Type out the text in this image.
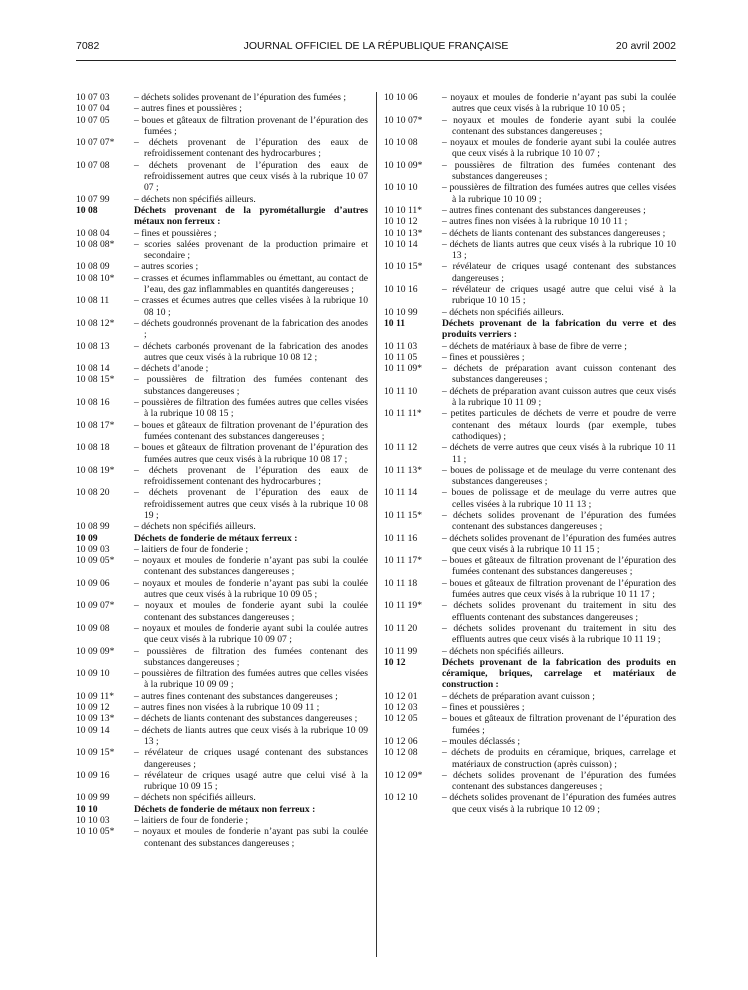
7082	JOURNAL OFFICIEL DE LA RÉPUBLIQUE FRANÇAISE	20 avril 2002
10 07 03	– déchets solides provenant de l’épuration des fumées ;
10 07 04	– autres fines et poussières ;
10 07 05	– boues et gâteaux de filtration provenant de l’épuration des fumées ;
10 07 07*	– déchets provenant de l’épuration des eaux de refroidissement contenant des hydrocarbures ;
10 07 08	– déchets provenant de l’épuration des eaux de refroidissement autres que ceux visés à la rubrique 10 07 07 ;
10 07 99	– déchets non spécifiés ailleurs.
10 08	Déchets provenant de la pyrométallurgie d’autres métaux non ferreux :
10 08 04	– fines et poussières ;
10 08 08*	– scories salées provenant de la production primaire et secondaire ;
10 08 09	– autres scories ;
10 08 10*	– crasses et écumes inflammables ou émettant, au contact de l’eau, des gaz inflammables en quantités dangereuses ;
10 08 11	– crasses et écumes autres que celles visées à la rubrique 10 08 10 ;
10 08 12*	– déchets goudronnés provenant de la fabrication des anodes ;
10 08 13	– déchets carbonés provenant de la fabrication des anodes autres que ceux visés à la rubrique 10 08 12 ;
10 08 14	– déchets d’anode ;
10 08 15*	– poussières de filtration des fumées contenant des substances dangereuses ;
10 08 16	– poussières de filtration des fumées autres que celles visées à la rubrique 10 08 15 ;
10 08 17*	– boues et gâteaux de filtration provenant de l’épuration des fumées contenant des substances dangereuses ;
10 08 18	– boues et gâteaux de filtration provenant de l’épuration des fumées autres que ceux visés à la rubrique 10 08 17 ;
10 08 19*	– déchets provenant de l’épuration des eaux de refroidissement contenant des hydrocarbures ;
10 08 20	– déchets provenant de l’épuration des eaux de refroidissement autres que ceux visés à la rubrique 10 08 19 ;
10 08 99	– déchets non spécifiés ailleurs.
10 09	Déchets de fonderie de métaux ferreux :
10 09 03	– laitiers de four de fonderie ;
10 09 05*	– noyaux et moules de fonderie n’ayant pas subi la coulée contenant des substances dangereuses ;
10 09 06	– noyaux et moules de fonderie n’ayant pas subi la coulée autres que ceux visés à la rubrique 10 09 05 ;
10 09 07*	– noyaux et moules de fonderie ayant subi la coulée contenant des substances dangereuses ;
10 09 08	– noyaux et moules de fonderie ayant subi la coulée autres que ceux visés à la rubrique 10 09 07 ;
10 09 09*	– poussières de filtration des fumées contenant des substances dangereuses ;
10 09 10	– poussières de filtration des fumées autres que celles visées à la rubrique 10 09 09 ;
10 09 11*	– autres fines contenant des substances dangereuses ;
10 09 12	– autres fines non visées à la rubrique 10 09 11 ;
10 09 13*	– déchets de liants contenant des substances dangereuses ;
10 09 14	– déchets de liants autres que ceux visés à la rubrique 10 09 13 ;
10 09 15*	– révélateur de criques usagé contenant des substances dangereuses ;
10 09 16	– révélateur de criques usagé autre que celui visé à la rubrique 10 09 15 ;
10 09 99	– déchets non spécifiés ailleurs.
10 10	Déchets de fonderie de métaux non ferreux :
10 10 03	– laitiers de four de fonderie ;
10 10 05*	– noyaux et moules de fonderie n’ayant pas subi la coulée contenant des substances dangereuses ;
10 10 06	– noyaux et moules de fonderie n’ayant pas subi la coulée autres que ceux visés à la rubrique 10 10 05 ;
10 10 07*	– noyaux et moules de fonderie ayant subi la coulée contenant des substances dangereuses ;
10 10 08	– noyaux et moules de fonderie ayant subi la coulée autres que ceux visés à la rubrique 10 10 07 ;
10 10 09*	– poussières de filtration des fumées contenant des substances dangereuses ;
10 10 10	– poussières de filtration des fumées autres que celles visées à la rubrique 10 10 09 ;
10 10 11*	– autres fines contenant des substances dangereuses ;
10 10 12	– autres fines non visées à la rubrique 10 10 11 ;
10 10 13*	– déchets de liants contenant des substances dangereuses ;
10 10 14	– déchets de liants autres que ceux visés à la rubrique 10 10 13 ;
10 10 15*	– révélateur de criques usagé contenant des substances dangereuses ;
10 10 16	– révélateur de criques usagé autre que celui visé à la rubrique 10 10 15 ;
10 10 99	– déchets non spécifiés ailleurs.
10 11	Déchets provenant de la fabrication du verre et des produits verriers :
10 11 03	– déchets de matériaux à base de fibre de verre ;
10 11 05	– fines et poussières ;
10 11 09*	– déchets de préparation avant cuisson contenant des substances dangereuses ;
10 11 10	– déchets de préparation avant cuisson autres que ceux visés à la rubrique 10 11 09 ;
10 11 11*	– petites particules de déchets de verre et poudre de verre contenant des métaux lourds (par exemple, tubes cathodiques) ;
10 11 12	– déchets de verre autres que ceux visés à la rubrique 10 11 11 ;
10 11 13*	– boues de polissage et de meulage du verre contenant des substances dangereuses ;
10 11 14	– boues de polissage et de meulage du verre autres que celles visées à la rubrique 10 11 13 ;
10 11 15*	– déchets solides provenant de l’épuration des fumées contenant des substances dangereuses ;
10 11 16	– déchets solides provenant de l’épuration des fumées autres que ceux visés à la rubrique 10 11 15 ;
10 11 17*	– boues et gâteaux de filtration provenant de l’épuration des fumées contenant des substances dangereuses ;
10 11 18	– boues et gâteaux de filtration provenant de l’épuration des fumées autres que ceux visés à la rubrique 10 11 17 ;
10 11 19*	– déchets solides provenant du traitement in situ des effluents contenant des substances dangereuses ;
10 11 20	– déchets solides provenant du traitement in situ des effluents autres que ceux visés à la rubrique 10 11 19 ;
10 11 99	– déchets non spécifiés ailleurs.
10 12	Déchets provenant de la fabrication des produits en céramique, briques, carrelage et matériaux de construction :
10 12 01	– déchets de préparation avant cuisson ;
10 12 03	– fines et poussières ;
10 12 05	– boues et gâteaux de filtration provenant de l’épuration des fumées ;
10 12 06	– moules déclassés ;
10 12 08	– déchets de produits en céramique, briques, carrelage et matériaux de construction (après cuisson) ;
10 12 09*	– déchets solides provenant de l’épuration des fumées contenant des substances dangereuses ;
10 12 10	– déchets solides provenant de l’épuration des fumées autres que ceux visés à la rubrique 10 12 09 ;
